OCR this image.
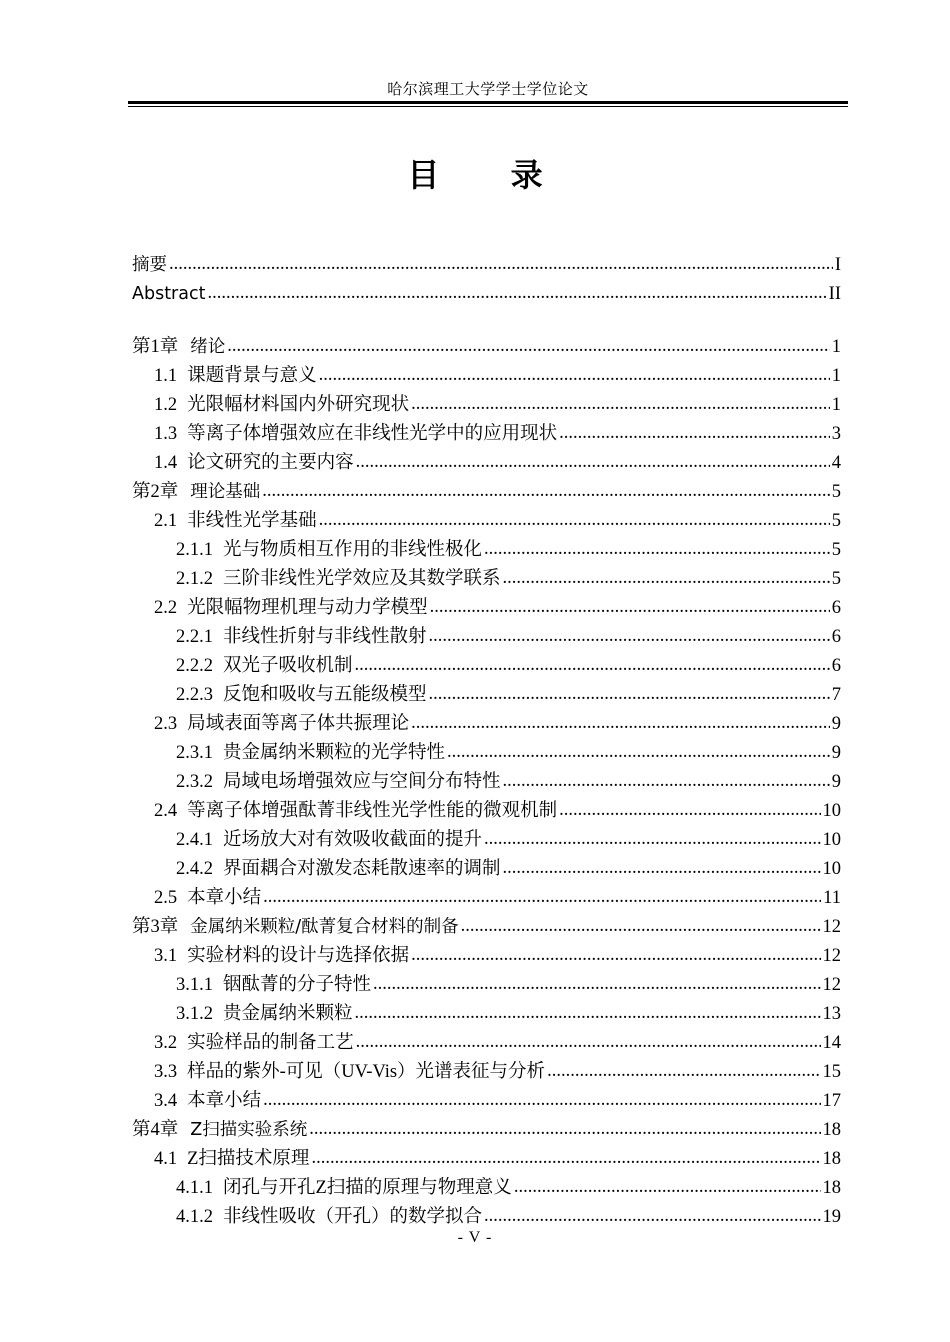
哈尔滨理工大学学士学位论文
目 录
摘要 .....	I
Abstract .....	II
第1章 绪论 .....	1
1.1 课题背景与意义 .....	1
1.2 光限幅材料国内外研究现状 .....	1
1.3 等离子体增强效应在非线性光学中的应用现状 .....	3
1.4 论文研究的主要内容 .....	4
第2章 理论基础 .....	5
2.1 非线性光学基础 .....	5
2.1.1 光与物质相互作用的非线性极化 .....	5
2.1.2 三阶非线性光学效应及其数学联系 .....	5
2.2 光限幅物理机理与动力学模型 .....	6
2.2.1 非线性折射与非线性散射 .....	6
2.2.2 双光子吸收机制 .....	6
2.2.3 反饱和吸收与五能级模型 .....	7
2.3 局域表面等离子体共振理论 .....	9
2.3.1 贵金属纳米颗粒的光学特性 .....	9
2.3.2 局域电场增强效应与空间分布特性 .....	9
2.4 等离子体增强酞菁非线性光学性能的微观机制 .....	10
2.4.1 近场放大对有效吸收截面的提升 .....	10
2.4.2 界面耦合对激发态耗散速率的调制 .....	10
2.5 本章小结 .....	11
第3章 金属纳米颗粒/酞菁复合材料的制备 .....	12
3.1 实验材料的设计与选择依据 .....	12
3.1.1 铟酞菁的分子特性 .....	12
3.1.2 贵金属纳米颗粒 .....	13
3.2 实验样品的制备工艺 .....	14
3.3 样品的紫外-可见（UV-Vis）光谱表征与分析 .....	15
3.4 本章小结 .....	17
第4章 Z扫描实验系统 .....	18
4.1 Z扫描技术原理 .....	18
4.1.1 闭孔与开孔Z扫描的原理与物理意义 .....	18
4.1.2 非线性吸收（开孔）的数学拟合 .....	19
- V -
